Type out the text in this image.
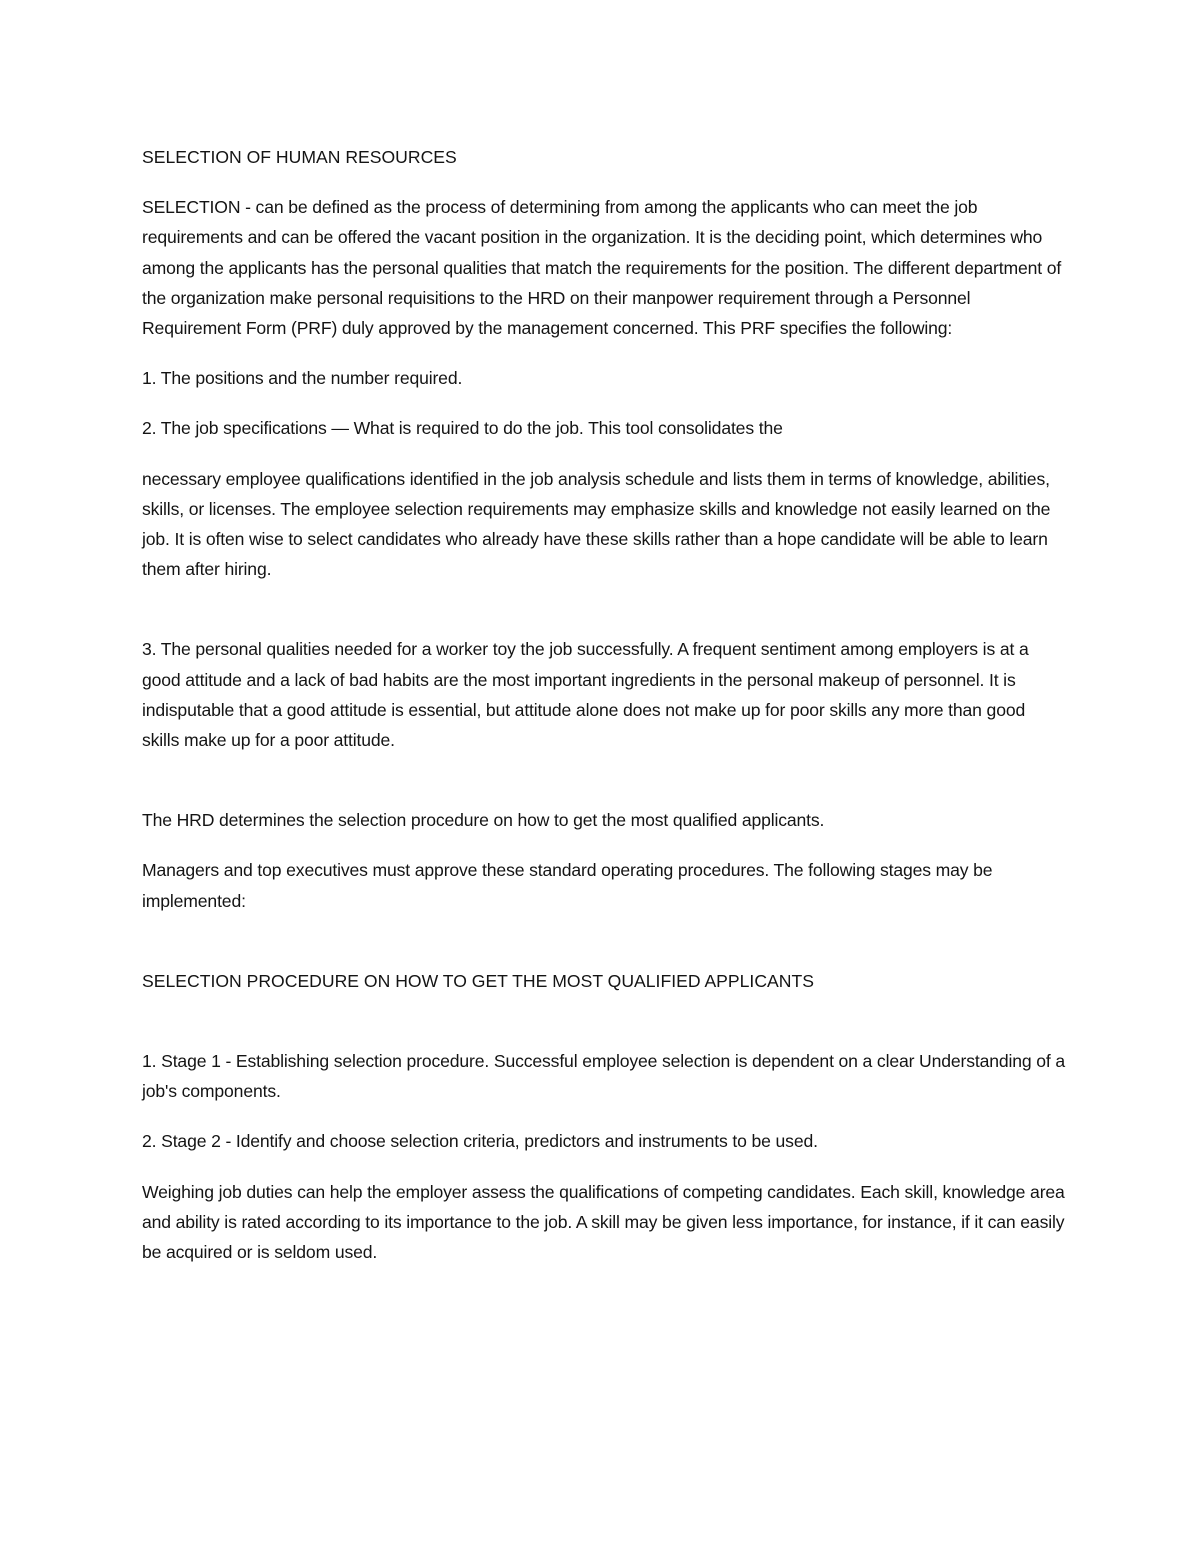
SELECTION OF HUMAN RESOURCES

SELECTION - can be defined as the process of determining from among the applicants who can meet the job requirements and can be offered the vacant position in the organization. It is the deciding point, which determines who among the applicants has the personal qualities that match the requirements for the position. The different department of the organization make personal requisitions to the HRD on their manpower requirement through a Personnel Requirement Form (PRF) duly approved by the management concerned. This PRF specifies the following:

1. The positions and the number required.

2. The job specifications — What is required to do the job. This tool consolidates the

necessary employee qualifications identified in the job analysis schedule and lists them in terms of knowledge, abilities, skills, or licenses. The employee selection requirements may emphasize skills and knowledge not easily learned on the job. It is often wise to select candidates who already have these skills rather than a hope candidate will be able to learn them after hiring.

3. The personal qualities needed for a worker toy the job successfully. A frequent sentiment among employers is at a good attitude and a lack of bad habits are the most important ingredients in the personal makeup of personnel. It is indisputable that a good attitude is essential, but attitude alone does not make up for poor skills any more than good skills make up for a poor attitude.

The HRD determines the selection procedure on how to get the most qualified applicants.

Managers and top executives must approve these standard operating procedures. The following stages may be implemented:

SELECTION PROCEDURE ON HOW TO GET THE MOST QUALIFIED APPLICANTS

1. Stage 1 - Establishing selection procedure. Successful employee selection is dependent on a clear Understanding of a job's components.

2. Stage 2 - Identify and choose selection criteria, predictors and instruments to be used.

Weighing job duties can help the employer assess the qualifications of competing candidates. Each skill, knowledge area and ability is rated according to its importance to the job. A skill may be given less importance, for instance, if it can easily be acquired or is seldom used.
